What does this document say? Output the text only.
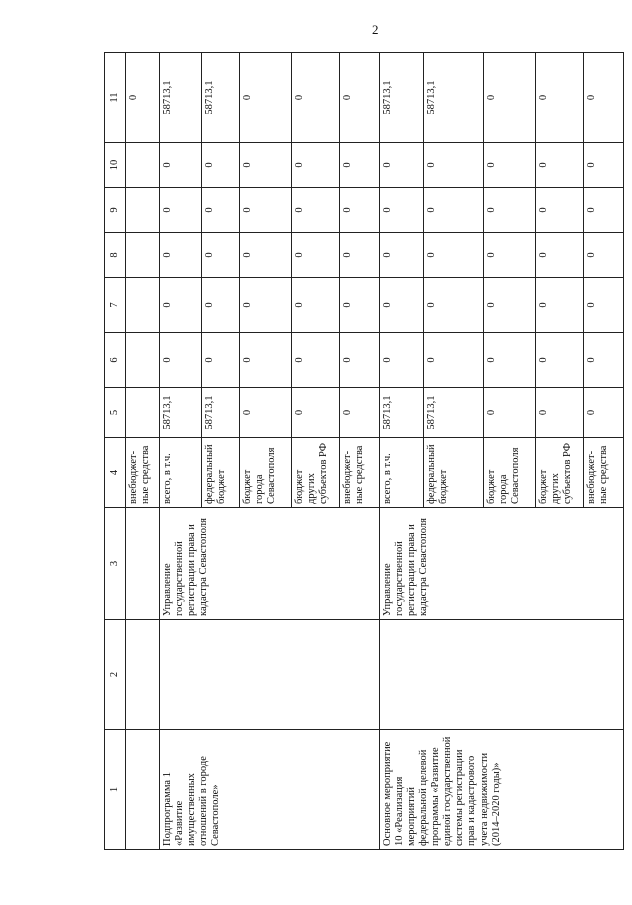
2
1	2	3	4	5	6	7	8	9	10	11
			внебюджет-ные средства							0
Подпрограмма 1 «Развитие имущественных отношений в городе Севастополе»		Управление государственной регистрации права и кадастра Севастополя	всего, в т.ч.	58713,1	0	0	0	0	0	58713,1
			федеральный бюджет	58713,1	0	0	0	0	0	58713,1
			бюджет города Севастополя	0	0	0	0	0	0	0
			бюджет других субъектов РФ	0	0	0	0	0	0	0
			внебюджет-ные средства	0	0	0	0	0	0	0
Основное мероприятие 10 «Реализация мероприятий федеральной целевой программы «Развитие единой государственной системы регистрации прав и кадастрового учета недвижимости (2014–2020 годы)»		Управление государственной регистрации права и кадастра Севастополя	всего, в т.ч.	58713,1	0	0	0	0	0	58713,1
			федеральный бюджет	58713,1	0	0	0	0	0	58713,1
			бюджет города Севастополя	0	0	0	0	0	0	0
			бюджет других субъектов РФ	0	0	0	0	0	0	0
			внебюджет-ные средства	0	0	0	0	0	0	0
